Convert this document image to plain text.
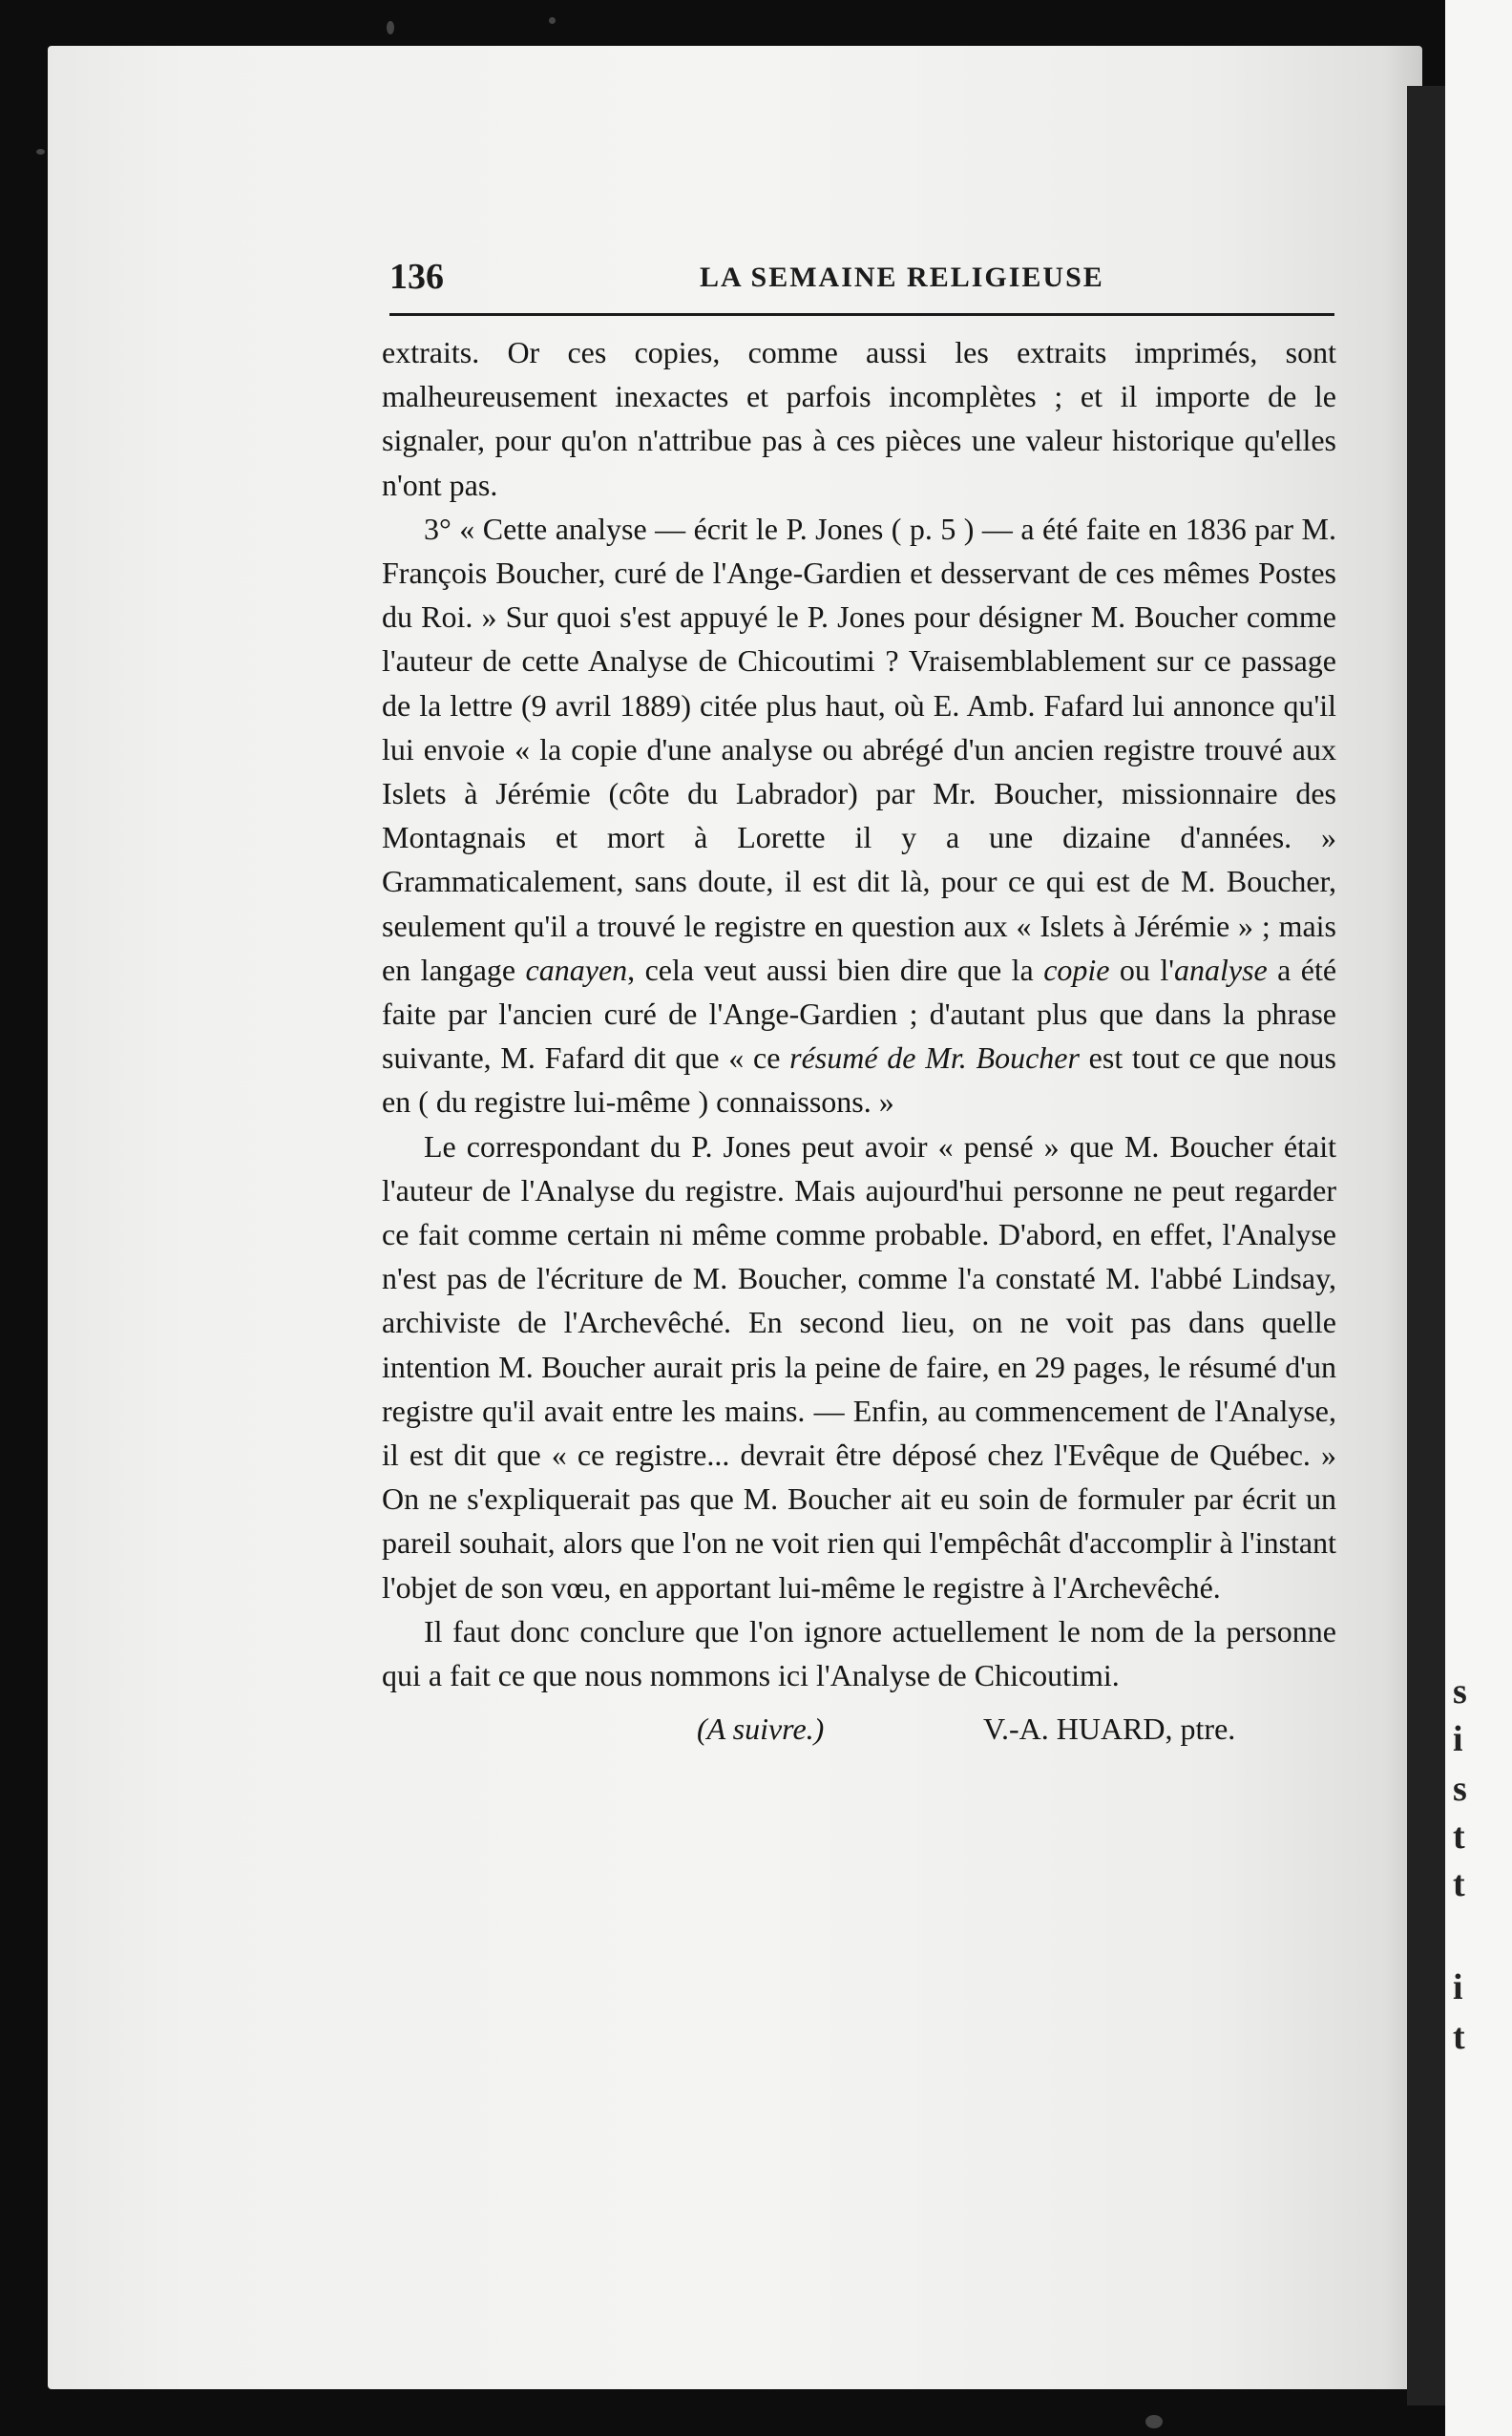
s
i
s
t
t
i
t
136	LA SEMAINE RELIGIEUSE

extraits. Or ces copies, comme aussi les extraits imprimés, sont malheureusement inexactes et parfois incomplètes ; et il importe de le signaler, pour qu'on n'attribue pas à ces pièces une valeur historique qu'elles n'ont pas.

3° « Cette analyse — écrit le P. Jones ( p. 5 ) — a été faite en 1836 par M. François Boucher, curé de l'Ange-Gardien et desservant de ces mêmes Postes du Roi. » Sur quoi s'est appuyé le P. Jones pour désigner M. Boucher comme l'auteur de cette Analyse de Chicoutimi ? Vraisemblablement sur ce passage de la lettre (9 avril 1889) citée plus haut, où E. Amb. Fafard lui annonce qu'il lui envoie « la copie d'une analyse ou abrégé d'un ancien registre trouvé aux Islets à Jérémie (côte du Labrador) par Mr. Boucher, missionnaire des Montagnais et mort à Lorette il y a une dizaine d'années. » Grammaticalement, sans doute, il est dit là, pour ce qui est de M. Boucher, seulement qu'il a trouvé le registre en question aux « Islets à Jérémie » ; mais en langage canayen, cela veut aussi bien dire que la copie ou l'analyse a été faite par l'ancien curé de l'Ange-Gardien ; d'autant plus que dans la phrase suivante, M. Fafard dit que « ce résumé de Mr. Boucher est tout ce que nous en ( du registre lui-même ) connaissons. »

Le correspondant du P. Jones peut avoir « pensé » que M. Boucher était l'auteur de l'Analyse du registre. Mais aujourd'hui personne ne peut regarder ce fait comme certain ni même comme probable. D'abord, en effet, l'Analyse n'est pas de l'écriture de M. Boucher, comme l'a constaté M. l'abbé Lindsay, archiviste de l'Archevêché. En second lieu, on ne voit pas dans quelle intention M. Boucher aurait pris la peine de faire, en 29 pages, le résumé d'un registre qu'il avait entre les mains. — Enfin, au commencement de l'Analyse, il est dit que « ce registre... devrait être déposé chez l'Evêque de Québec. » On ne s'expliquerait pas que M. Boucher ait eu soin de formuler par écrit un pareil souhait, alors que l'on ne voit rien qui l'empêchât d'accomplir à l'instant l'objet de son vœu, en apportant lui-même le registre à l'Archevêché.

Il faut donc conclure que l'on ignore actuellement le nom de la personne qui a fait ce que nous nommons ici l'Analyse de Chicoutimi.

(A suivre.)	V.-A. HUARD, ptre.
